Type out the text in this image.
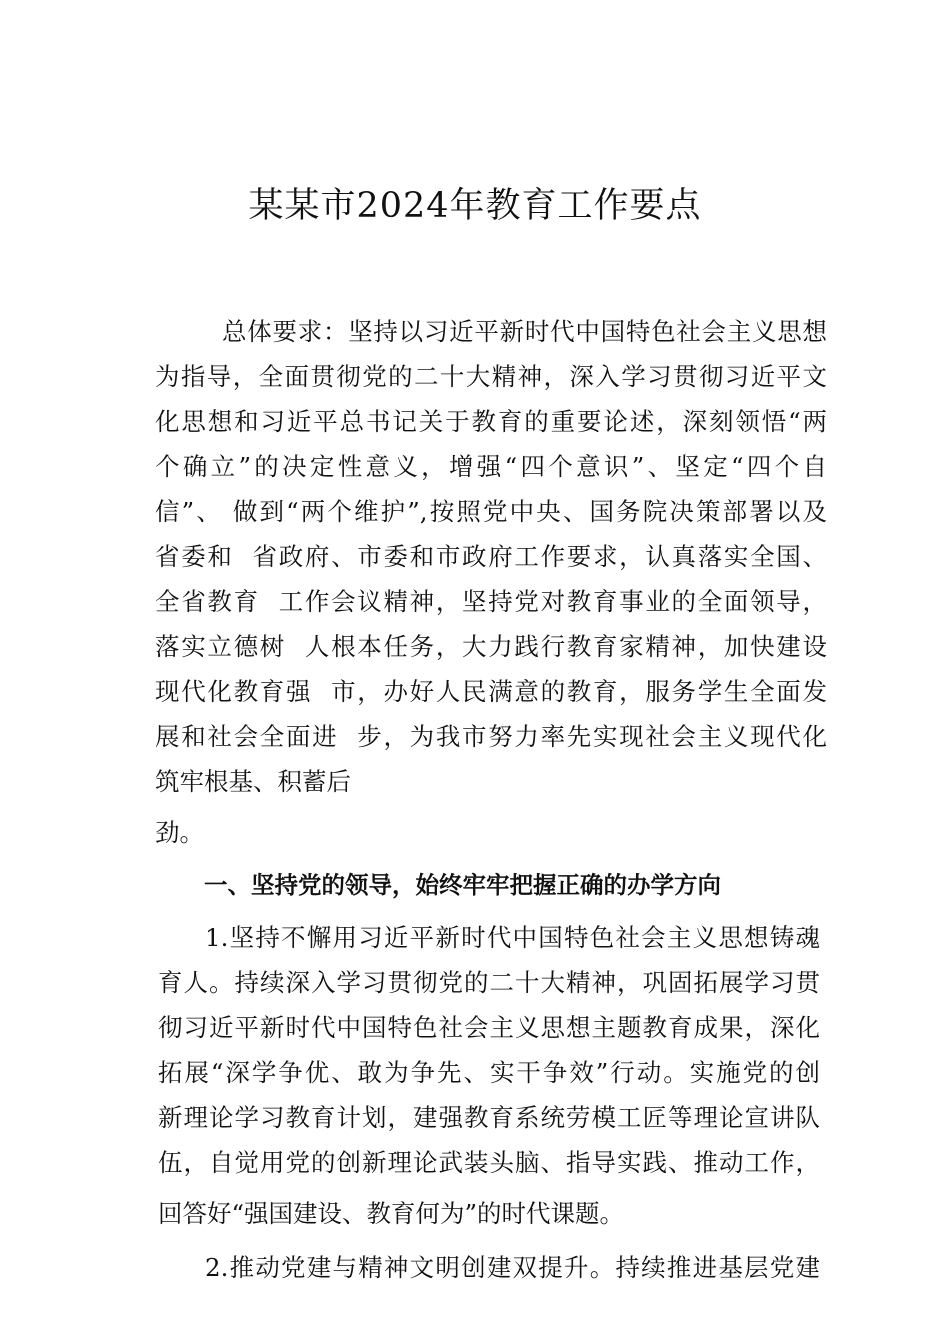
某某市2024年教育工作要点
总体要求：坚持以习近平新时代中国特色社会主义思想
为指导，全面贯彻党的二十大精神，深入学习贯彻习近平文
化思想和习近平总书记关于教育的重要论述，深刻领悟“两
个确立”的决定性意义，增强“四个意识”、坚定“四个自
信”、 做到“两个维护”,按照党中央、国务院决策部署以及
省委和  省政府、市委和市政府工作要求，认真落实全国、
全省教育  工作会议精神，坚持党对教育事业的全面领导，
落实立德树  人根本任务，大力践行教育家精神，加快建设
现代化教育强  市，办好人民满意的教育，服务学生全面发
展和社会全面进  步，为我市努力率先实现社会主义现代化
筑牢根基、积蓄后
劲。
一、坚持党的领导，始终牢牢把握正确的办学方向
1.坚持不懈用习近平新时代中国特色社会主义思想铸魂
育人。持续深入学习贯彻党的二十大精神，巩固拓展学习贯
彻习近平新时代中国特色社会主义思想主题教育成果，深化
拓展“深学争优、敢为争先、实干争效”行动。实施党的创
新理论学习教育计划，建强教育系统劳模工匠等理论宣讲队
伍，自觉用党的创新理论武装头脑、指导实践、推动工作，
回答好“强国建设、教育何为”的时代课题。
2.推动党建与精神文明创建双提升。持续推进基层党建
